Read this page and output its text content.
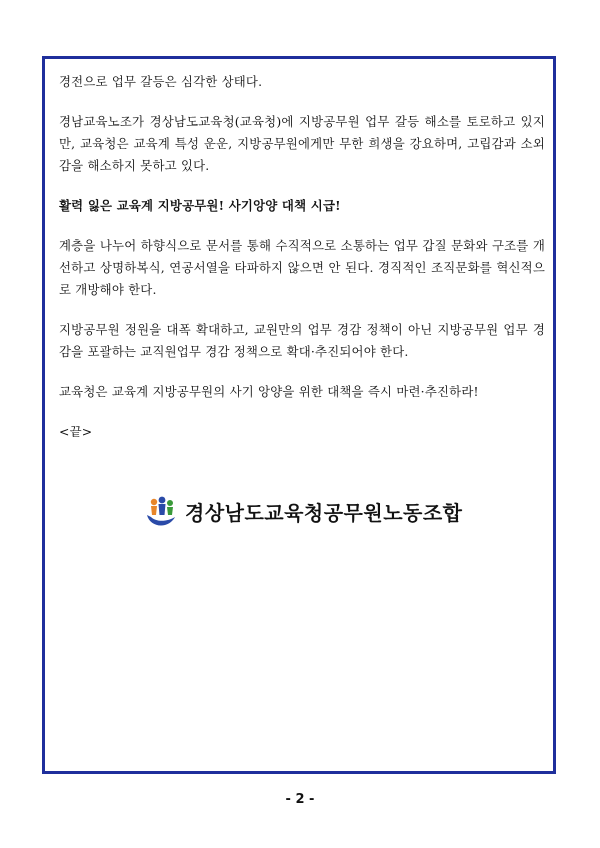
경전으로 업무 갈등은 심각한 상태다.

경남교육노조가 경상남도교육청(교육청)에 지방공무원 업무 갈등 해소를 토로하고 있지만, 교육청은 교육계 특성 운운, 지방공무원에게만 무한 희생을 강요하며, 고립감과 소외감을 해소하지 못하고 있다.

활력 잃은 교육계 지방공무원! 사기앙양 대책 시급!

계층을 나누어 하향식으로 문서를 통해 수직적으로 소통하는 업무 갑질 문화와 구조를 개선하고 상명하복식, 연공서열을 타파하지 않으면 안 된다. 경직적인 조직문화를 혁신적으로 개방해야 한다.

지방공무원 정원을 대폭 확대하고, 교원만의 업무 경감 정책이 아닌 지방공무원 업무 경감을 포괄하는 교직원업무 경감 정책으로 확대·추진되어야 한다.

교육청은 교육계 지방공무원의 사기 앙양을 위한 대책을 즉시 마련·추진하라!

<끝>

경상남도교육청공무원노동조합
- 2 -
